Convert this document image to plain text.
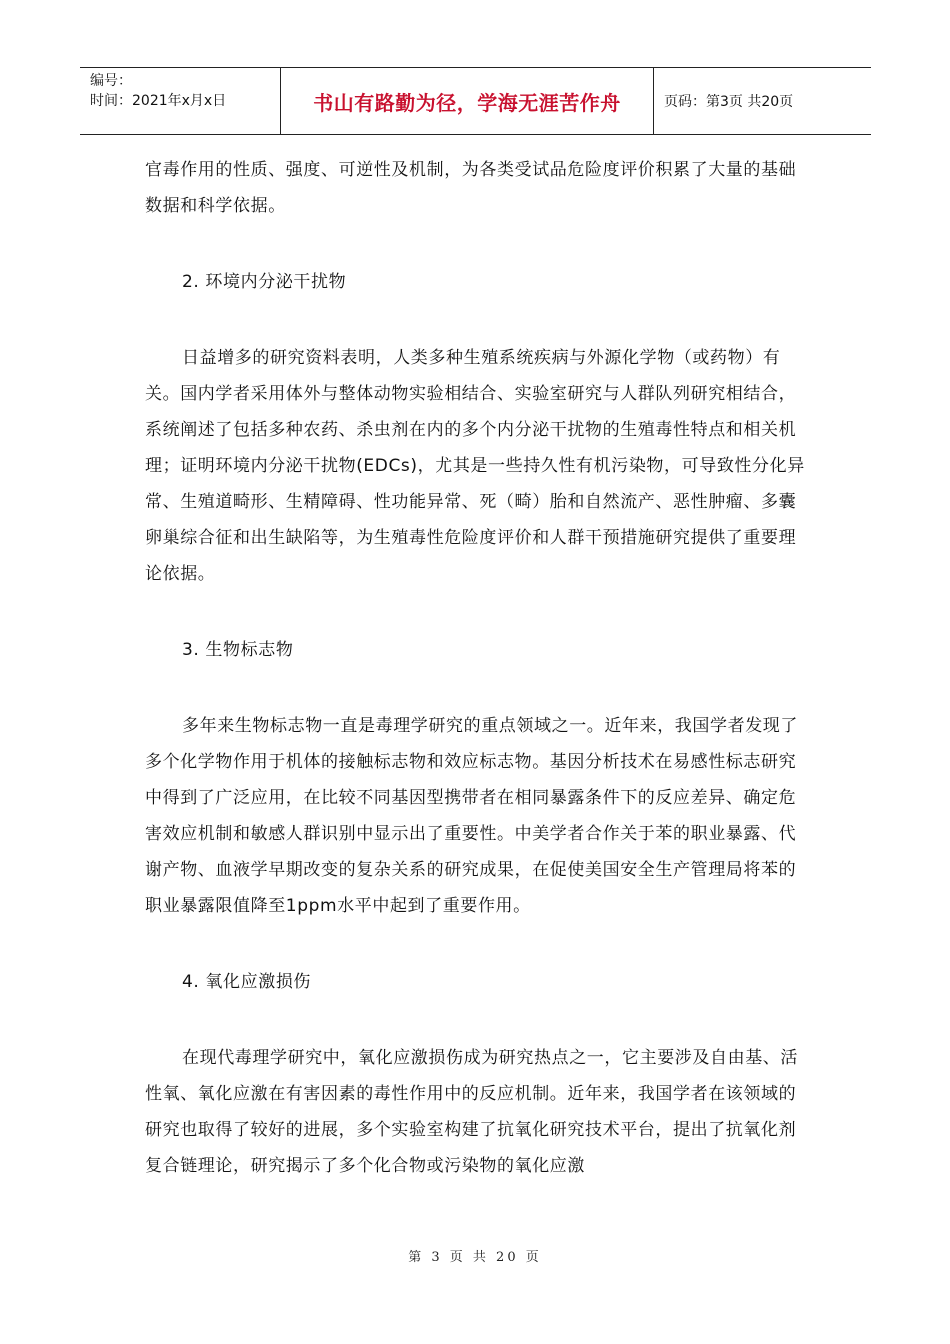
编号：
时间：2021年x月x日	书山有路勤为径，学海无涯苦作舟	页码：第3页 共20页

官毒作用的性质、强度、可逆性及机制，为各类受试品危险度评价积累了大量的基础数据和科学依据。

2. 环境内分泌干扰物

日益增多的研究资料表明，人类多种生殖系统疾病与外源化学物（或药物）有关。国内学者采用体外与整体动物实验相结合、实验室研究与人群队列研究相结合，系统阐述了包括多种农药、杀虫剂在内的多个内分泌干扰物的生殖毒性特点和相关机理；证明环境内分泌干扰物(EDCs)，尤其是一些持久性有机污染物，可导致性分化异常、生殖道畸形、生精障碍、性功能异常、死（畸）胎和自然流产、恶性肿瘤、多囊卵巢综合征和出生缺陷等，为生殖毒性危险度评价和人群干预措施研究提供了重要理论依据。

3. 生物标志物

多年来生物标志物一直是毒理学研究的重点领域之一。近年来，我国学者发现了多个化学物作用于机体的接触标志物和效应标志物。基因分析技术在易感性标志研究中得到了广泛应用，在比较不同基因型携带者在相同暴露条件下的反应差异、确定危害效应机制和敏感人群识别中显示出了重要性。中美学者合作关于苯的职业暴露、代谢产物、血液学早期改变的复杂关系的研究成果，在促使美国安全生产管理局将苯的职业暴露限值降至1ppm水平中起到了重要作用。

4. 氧化应激损伤

在现代毒理学研究中，氧化应激损伤成为研究热点之一，它主要涉及自由基、活性氧、氧化应激在有害因素的毒性作用中的反应机制。近年来，我国学者在该领域的研究也取得了较好的进展，多个实验室构建了抗氧化研究技术平台，提出了抗氧化剂复合链理论，研究揭示了多个化合物或污染物的氧化应激

第 3 页 共 20 页
